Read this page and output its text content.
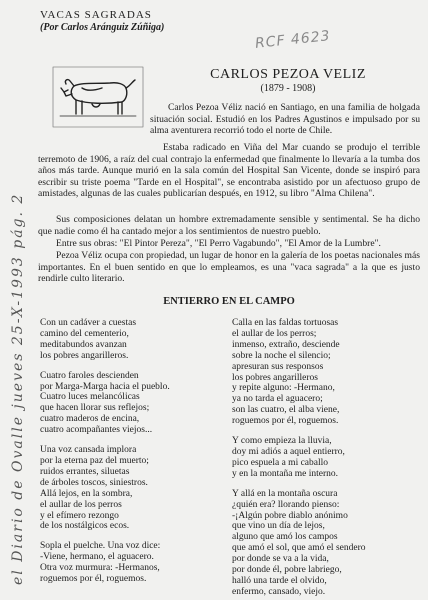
VACAS SAGRADAS
(Por Carlos Aránguiz Zúñiga)
RCF 4623
el Diario de Ovalle jueves 25-X-1993 pág. 2
CARLOS PEZOA VELIZ
(1879 - 1908)

Carlos Pezoa Véliz nació en Santiago, en una familia de holgada situación social. Estudió en los Padres Agustinos e impulsado por su alma aventurera recorrió todo el norte de Chile.

Estaba radicado en Viña del Mar cuando se produjo el terrible terremoto de 1906, a raíz del cual contrajo la enfermedad que finalmente lo llevaría a la tumba dos años más tarde. Aunque murió en la sala común del Hospital San Vicente, donde se inspiró para escribir su triste poema "Tarde en el Hospital", se encontraba asistido por un afectuoso grupo de amistades, algunas de las cuales publicarían después, en 1912, su libro "Alma Chilena".

Sus composiciones delatan un hombre extremadamente sensible y sentimental. Se ha dicho que nadie como él ha cantado mejor a los sentimientos de nuestro pueblo.

Entre sus obras: "El Pintor Pereza", "El Perro Vagabundo", "El Amor de la Lumbre".

Pezoa Véliz ocupa con propiedad, un lugar de honor en la galería de los poetas nacionales más importantes. En el buen sentido en que lo empleamos, es una "vaca sagrada" a la que es justo rendirle culto literario.

ENTIERRO EN EL CAMPO
Con un cadáver a cuestas
camino del cementerio,
meditabundos avanzan
los pobres angarilleros.
Cuatro faroles descienden
por Marga-Marga hacia el pueblo.
Cuatro luces melancólicas
que hacen llorar sus reflejos;
cuatro maderos de encina,
cuatro acompañantes viejos...
Una voz cansada implora
por la eterna paz del muerto;
ruidos errantes, siluetas
de árboles toscos, siniestros.
Allá lejos, en la sombra,
el aullar de los perros
y el efímero rezongo
de los nostálgicos ecos.
Sopla el puelche. Una voz dice:
-Viene, hermano, el aguacero.
Otra voz murmura: -Hermanos,
roguemos por él, roguemos.
Calla en las faldas tortuosas
el aullar de los perros;
inmenso, extraño, desciende
sobre la noche el silencio;
apresuran sus responsos
los pobres angarilleros
y repite alguno: -Hermano,
ya no tarda el aguacero;
son las cuatro, el alba viene,
roguemos por él, roguemos.
Y como empieza la lluvia,
doy mi adiós a aquel entierro,
pico espuela a mi caballo
y en la montaña me interno.
Y allá en la montaña oscura
¿quién era? llorando pienso:
-¡Algún pobre diablo anónimo
que vino un día de lejos,
alguno que amó los campos
que amó el sol, que amó el sendero
por donde se va a la vida,
por donde él, pobre labriego,
halló una tarde el olvido,
enfermo, cansado, viejo.
